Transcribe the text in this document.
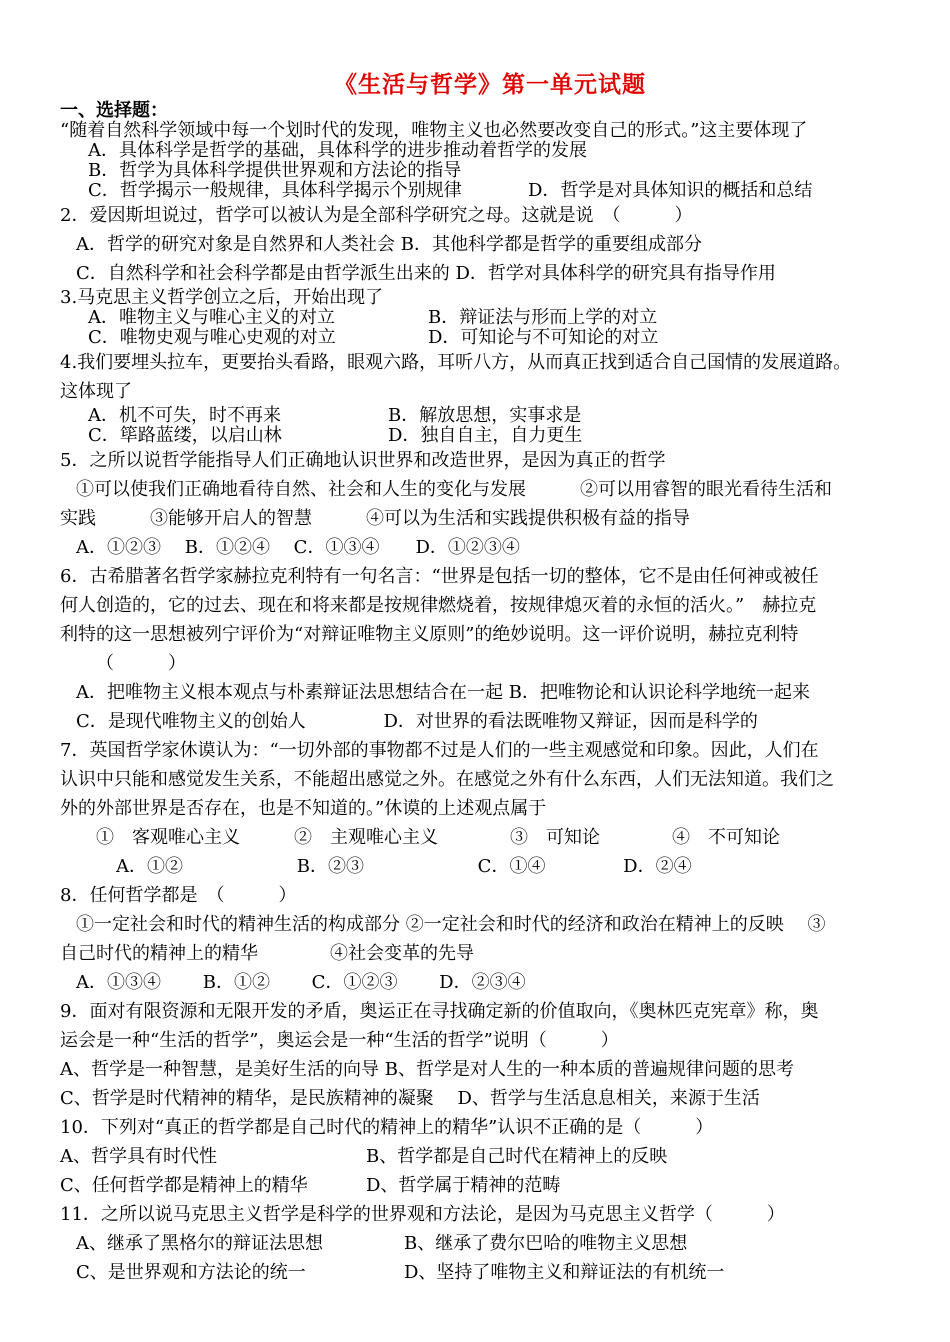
《生活与哲学》第一单元试题
一、选择题：
“随着自然科学领域中每一个划时代的发现，唯物主义也必然要改变自己的形式。”这主要体现了
A．具体科学是哲学的基础，具体科学的进步推动着哲学的发展
B．哲学为具体科学提供世界观和方法论的指导
C．哲学揭示一般规律，具体科学揭示个别规律	D．哲学是对具体知识的概括和总结
2．爱因斯坦说过，哲学可以被认为是全部科学研究之母。这就是说　（　　　）
A．哲学的研究对象是自然界和人类社会 B．其他科学都是哲学的重要组成部分
C．自然科学和社会科学都是由哲学派生出来的 D．哲学对具体科学的研究具有指导作用
3.马克思主义哲学创立之后，开始出现了
A．唯物主义与唯心主义的对立	B．辩证法与形而上学的对立
C．唯物史观与唯心史观的对立	D．可知论与不可知论的对立
4.我们要埋头拉车，更要抬头看路，眼观六路，耳听八方，从而真正找到适合自己国情的发展道路。
这体现了
A．机不可失，时不再来	B．解放思想，实事求是
C．筚路蓝缕，以启山林	D．独自自主，自力更生
5．之所以说哲学能指导人们正确地认识世界和改造世界，是因为真正的哲学
①可以使我们正确地看待自然、社会和人生的变化与发展　　　②可以用睿智的眼光看待生活和
实践　　　③能够开启人的智慧　　　④可以为生活和实践提供积极有益的指导
A．①②③　 B．①②④　 C．①③④　　D．①②③④
6．古希腊著名哲学家赫拉克利特有一句名言：“世界是包括一切的整体，它不是由任何神或被任
何人创造的，它的过去、现在和将来都是按规律燃烧着，按规律熄灭着的永恒的活火。”　赫拉克
利特的这一思想被列宁评价为“对辩证唯物主义原则”的绝妙说明。这一评价说明，赫拉克利特
（　　　）
A．把唯物主义根本观点与朴素辩证法思想结合在一起 B．把唯物论和认识论科学地统一起来
C．是现代唯物主义的创始人　　　　 D．对世界的看法既唯物又辩证，因而是科学的
7．英国哲学家休谟认为：“一切外部的事物都不过是人们的一些主观感觉和印象。因此，人们在
认识中只能和感觉发生关系，不能超出感觉之外。在感觉之外有什么东西，人们无法知道。我们之
外的外部世界是否存在，也是不知道的。”休谟的上述观点属于
①　客观唯心主义　　　②　主观唯心主义　　　　③　可知论　　　　④　不可知论
A．①②　　　　　　 B．②③　　　　　　 C．①④　　　　 D．②④
8．任何哲学都是　（　　　）
①一定社会和时代的精神生活的构成部分 ②一定社会和时代的经济和政治在精神上的反映　 ③
自己时代的精神上的精华　　　　④社会变革的先导
A．①③④　　 B．①②　　 C．①②③　　 D．②③④
9．面对有限资源和无限开发的矛盾，奥运正在寻找确定新的价值取向，《奥林匹克宪章》称，奥
运会是一种“生活的哲学”，奥运会是一种“生活的哲学”说明（　　　）
A、哲学是一种智慧，是美好生活的向导 B、哲学是对人生的一种本质的普遍规律问题的思考
C、哲学是时代精神的精华，是民族精神的凝聚　 D、哲学与生活息息相关，来源于生活
10．下列对“真正的哲学都是自己时代的精神上的精华”认识不正确的是（　　　）
A、哲学具有时代性	B、哲学都是自己时代在精神上的反映
C、任何哲学都是精神上的精华	D、哲学属于精神的范畴
11．之所以说马克思主义哲学是科学的世界观和方法论，是因为马克思主义哲学（　　　）
A、继承了黑格尔的辩证法思想	B、继承了费尔巴哈的唯物主义思想
C、是世界观和方法论的统一	D、坚持了唯物主义和辩证法的有机统一
